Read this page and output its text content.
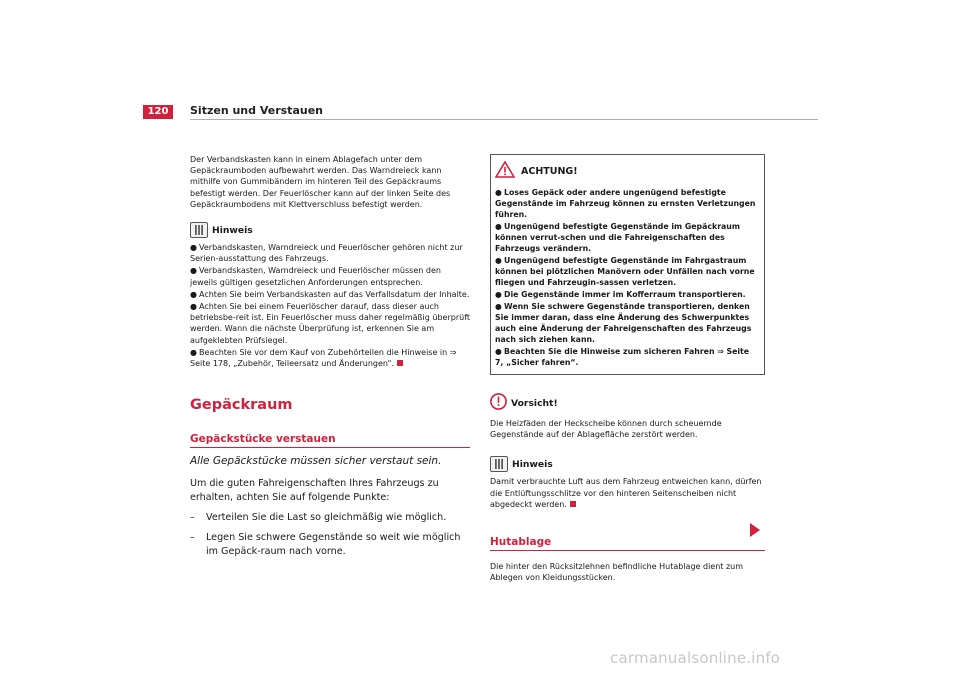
120	Sitzen und Verstauen

Der Verbandskasten kann in einem Ablagefach unter dem Gepäckraumboden aufbewahrt werden. Das Warndreieck kann mithilfe von Gummibändern im hinteren Teil des Gepäckraums befestigt werden. Der Feuerlöscher kann auf der linken Seite des Gepäckraumbodens mit Klettverschluss befestigt werden.

Hinweis
● Verbandskasten, Warndreieck und Feuerlöscher gehören nicht zur Serien-ausstattung des Fahrzeugs.
● Verbandskasten, Warndreieck und Feuerlöscher müssen den jeweils gültigen gesetzlichen Anforderungen entsprechen.
● Achten Sie beim Verbandskasten auf das Verfallsdatum der Inhalte.
● Achten Sie bei einem Feuerlöscher darauf, dass dieser auch betriebsbe-reit ist. Ein Feuerlöscher muss daher regelmäßig überprüft werden. Wann die nächste Überprüfung ist, erkennen Sie am aufgeklebten Prüfsiegel.
● Beachten Sie vor dem Kauf von Zubehörteilen die Hinweise in ⇒ Seite 178, „Zubehör, Teileersatz und Änderungen“.
Gepäckraum
Gepäckstücke verstauen
Alle Gepäckstücke müssen sicher verstaut sein.

Um die guten Fahreigenschaften Ihres Fahrzeugs zu erhalten, achten Sie auf folgende Punkte:

–	Verteilen Sie die Last so gleichmäßig wie möglich.
–	Legen Sie schwere Gegenstände so weit wie möglich im Gepäck-raum nach vorne.
ACHTUNG!
● Loses Gepäck oder andere ungenügend befestigte Gegenstände im Fahrzeug können zu ernsten Verletzungen führen.
● Ungenügend befestigte Gegenstände im Gepäckraum können verrut-schen und die Fahreigenschaften des Fahrzeugs verändern.
● Ungenügend befestigte Gegenstände im Fahrgastraum können bei plötzlichen Manövern oder Unfällen nach vorne fliegen und Fahrzeugin-sassen verletzen.
● Die Gegenstände immer im Kofferraum transportieren.
● Wenn Sie schwere Gegenstände transportieren, denken Sie immer daran, dass eine Änderung des Schwerpunktes auch eine Änderung der Fahreigenschaften des Fahrzeugs nach sich ziehen kann.
● Beachten Sie die Hinweise zum sicheren Fahren ⇒ Seite 7, „Sicher fahren“.
Vorsicht!

Die Heizfäden der Heckscheibe können durch scheuernde Gegenstände auf der Ablagefläche zerstört werden.

Hinweis

Damit verbrauchte Luft aus dem Fahrzeug entweichen kann, dürfen die Entlüftungsschlitze vor den hinteren Seitenscheiben nicht abgedeckt werden.

Hutablage

Die hinter den Rücksitzlehnen befindliche Hutablage dient zum Ablegen von Kleidungsstücken.

carmanualsonline.info
